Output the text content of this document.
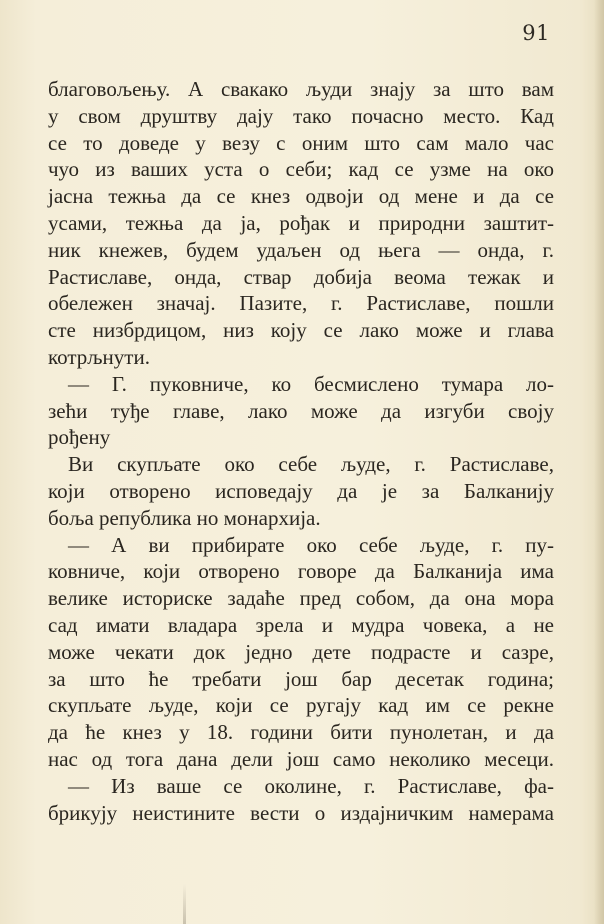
91
благовољењу. А свакако људи знају за што вам
у свом друштву дају тако почасно место. Кад
се то доведе у везу с оним што сам мало час
чуо из ваших уста о себи; кад се узме на око
јасна тежња да се кнез одвоји од мене и да се
усами, тежња да ја, рођак и природни заштит-
ник кнежев, будем удаљен од њега — онда, г.
Растиславе, онда, ствар добија веома тежак и
обележен значај. Пазите, г. Растиславе, пошли
сте низбрдицом, низ коју се лако може и глава
котрљнути.
— Г. пуковниче, ко бесмислено тумара ло-
зећи туђе главе, лако може да изгуби своју
рођену
Ви скупљате око себе људе, г. Растиславе,
који отворено исповедају да је за Балканију
боља република но монархија.
— А ви прибирате око себе људе, г. пу-
ковниче, који отворено говоре да Балканија има
велике историске задаће пред собом, да она мора
сад имати владара зрела и мудра човека, а не
може чекати док једно дете подрасте и сазре,
за што ће требати још бар десетак година;
скупљате људе, који се ругају кад им се рекне
да ће кнез у 18. години бити пунолетан, и да
нас од тога дана дели још само неколико месеци.
— Из ваше се околине, г. Растиславе, фа-
брикују неистините вести о издајничким намерама
